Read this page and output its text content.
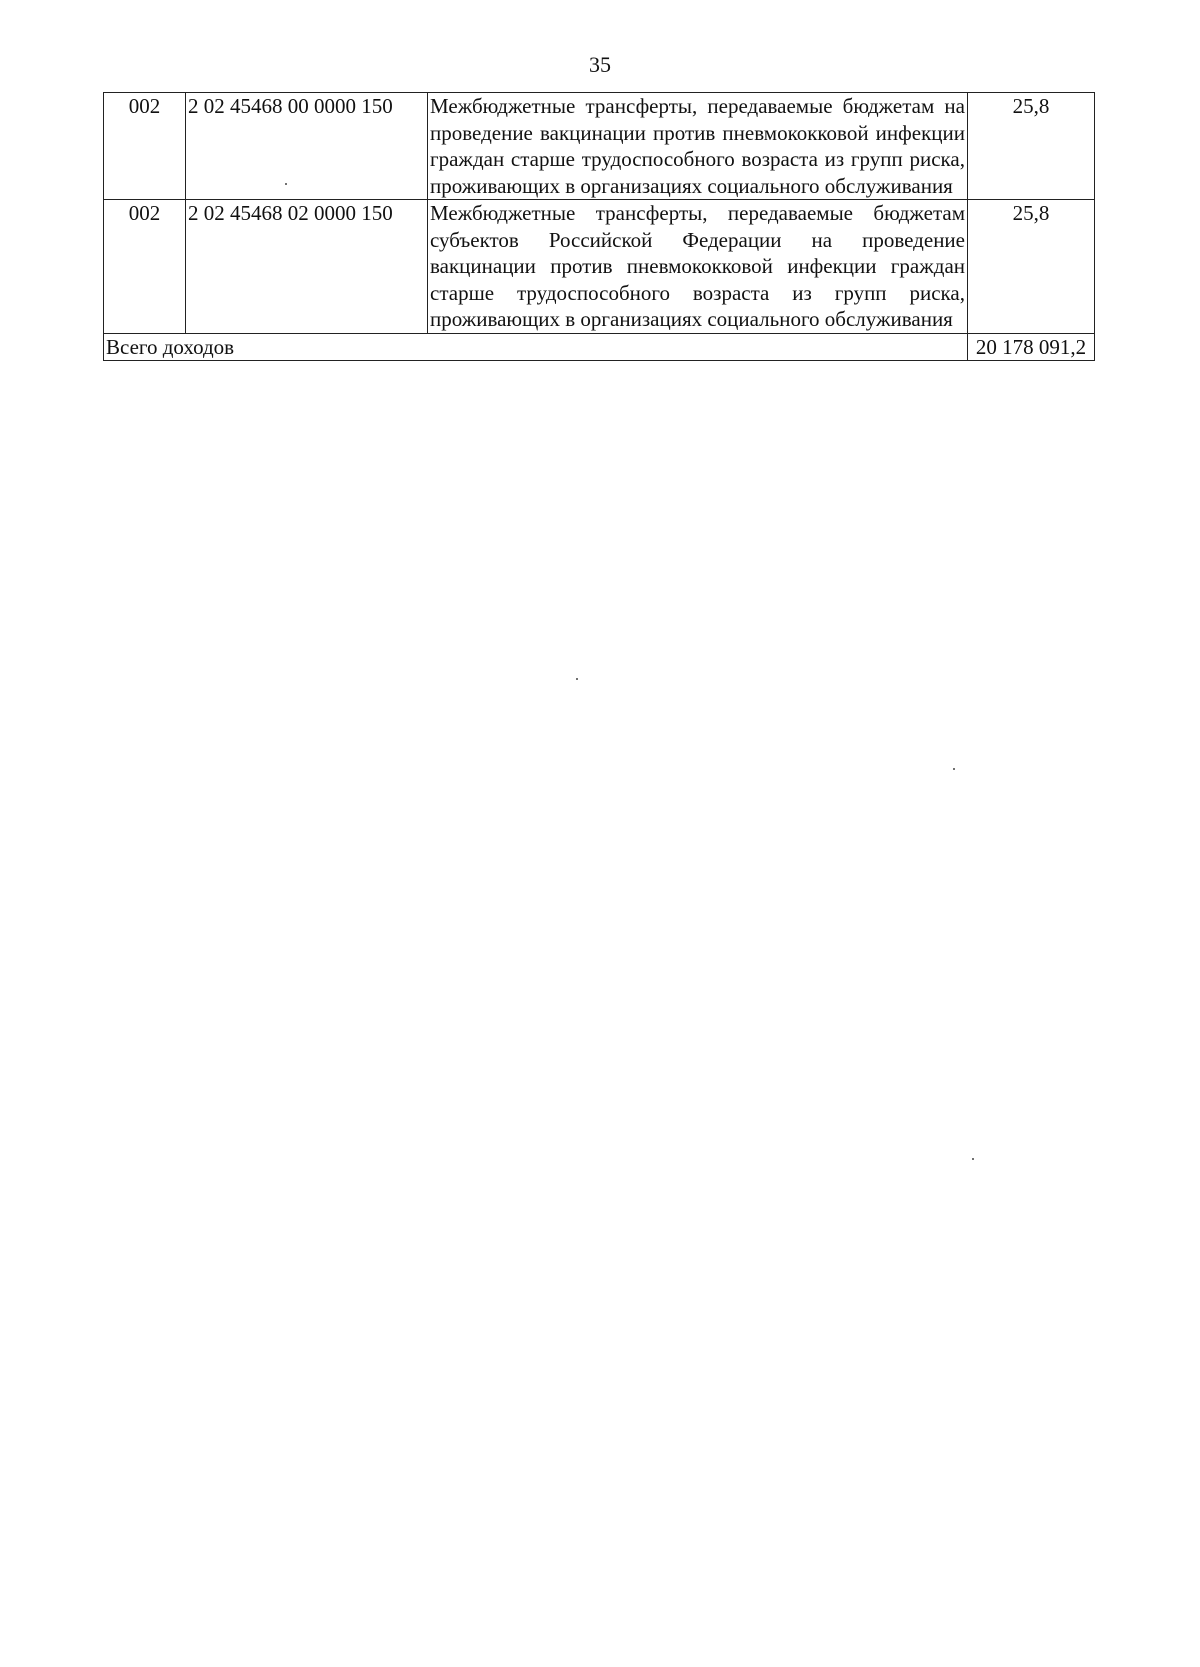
35
002	2 02 45468 00 0000 150	Межбюджетные трансферты, передаваемые бюджетам на проведение вакцинации против пневмококковой инфекции граждан старше трудоспособного возраста из групп риска, проживающих в организациях социального обслуживания	25,8
002	2 02 45468 02 0000 150	Межбюджетные трансферты, передаваемые бюджетам субъектов Российской Федерации на проведение вакцинации против пневмококковой инфекции граждан старше трудоспособного возраста из групп риска, проживающих в организациях социального обслуживания	25,8
Всего доходов			20 178 091,2
